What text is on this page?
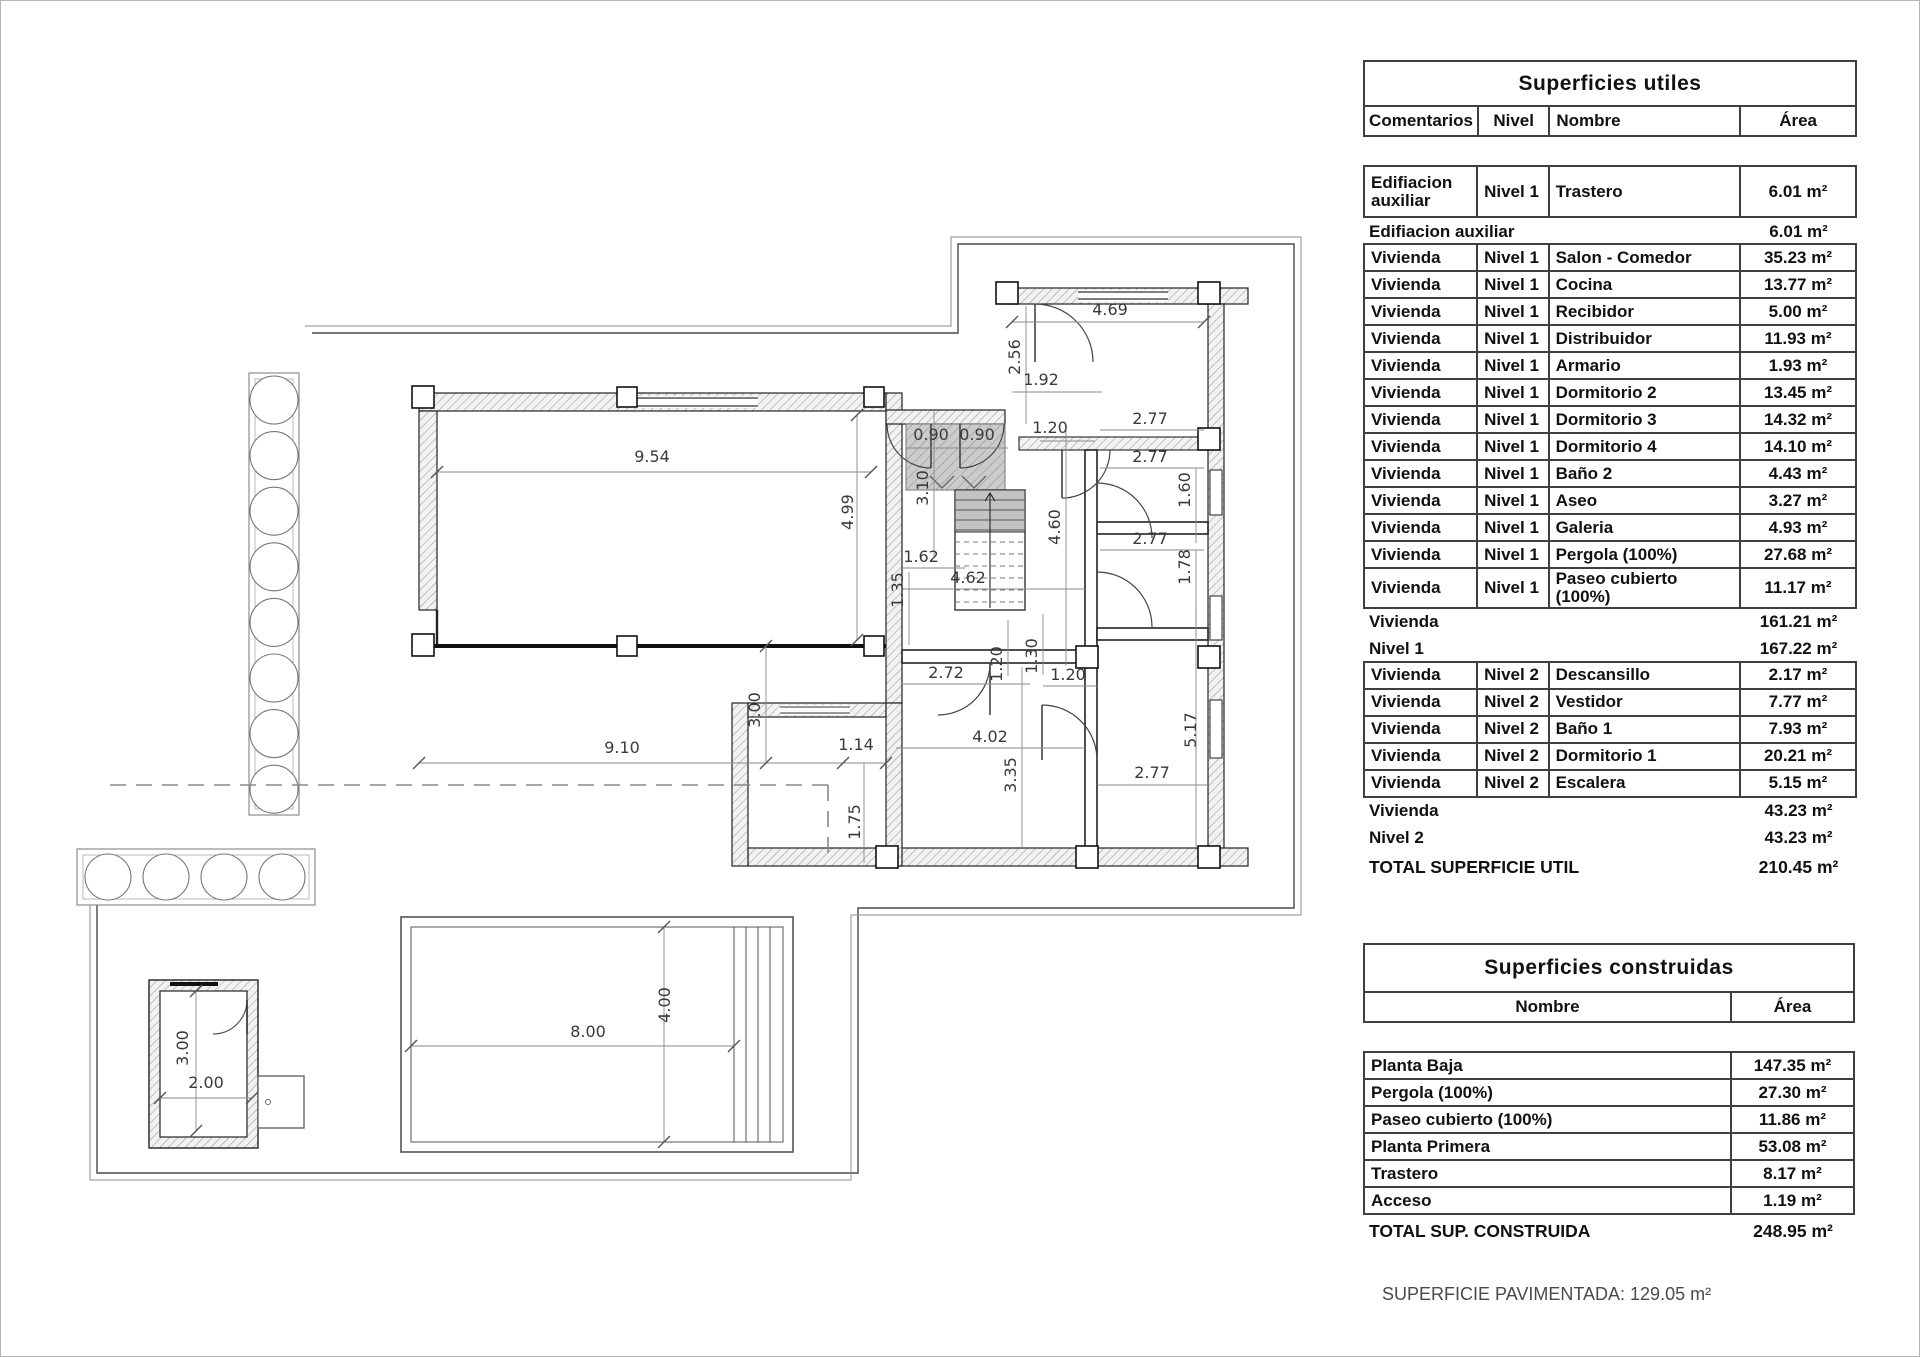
9.54
4.99
3.10
4.69
2.56
1.92
0.90 0.90 1.20	2.77
2.77
1.60
4.60
1.62
2.77
1.78
1.35	4.62
2.72 1.20 1.30
1.20
3.00
9.10	1.14
1.75
4.02
3.35	2.77
5.17
8.00
4.00
3.00
2.00
Superficies utiles
Comentarios	Nivel	Nombre	Área
Edifiacion auxiliar	Nivel 1 Trastero	6.01 m²
Edifiacion auxiliar	6.01 m²
Vivienda	Nivel 1 Salon - Comedor	35.23 m²
Vivienda	Nivel 1 Cocina	13.77 m²
Vivienda	Nivel 1 Recibidor	5.00 m²
Vivienda	Nivel 1 Distribuidor	11.93 m²
Vivienda	Nivel 1 Armario	1.93 m²
Vivienda	Nivel 1 Dormitorio 2	13.45 m²
Vivienda	Nivel 1 Dormitorio 3	14.32 m²
Vivienda	Nivel 1 Dormitorio 4	14.10 m²
Vivienda	Nivel 1 Baño 2	4.43 m²
Vivienda	Nivel 1 Aseo	3.27 m²
Vivienda	Nivel 1 Galeria	4.93 m²
Vivienda	Nivel 1 Pergola (100%)	27.68 m²
Vivienda	Nivel 1 Paseo cubierto (100%)	11.17 m²
Vivienda	161.21 m²
Nivel 1	167.22 m²
Vivienda	Nivel 2 Descansillo	2.17 m²
Vivienda	Nivel 2 Vestidor	7.77 m²
Vivienda	Nivel 2 Baño 1	7.93 m²
Vivienda	Nivel 2 Dormitorio 1	20.21 m²
Vivienda	Nivel 2 Escalera	5.15 m²
Vivienda	43.23 m²
Nivel 2	43.23 m²
TOTAL SUPERFICIE UTIL	210.45 m²
Superficies construidas
Nombre	Área
Planta Baja	147.35 m²
Pergola (100%)	27.30 m²
Paseo cubierto (100%)	11.86 m²
Planta Primera	53.08 m²
Trastero	8.17 m²
Acceso	1.19 m²
TOTAL SUP. CONSTRUIDA	248.95 m²
SUPERFICIE PAVIMENTADA: 129.05 m²
